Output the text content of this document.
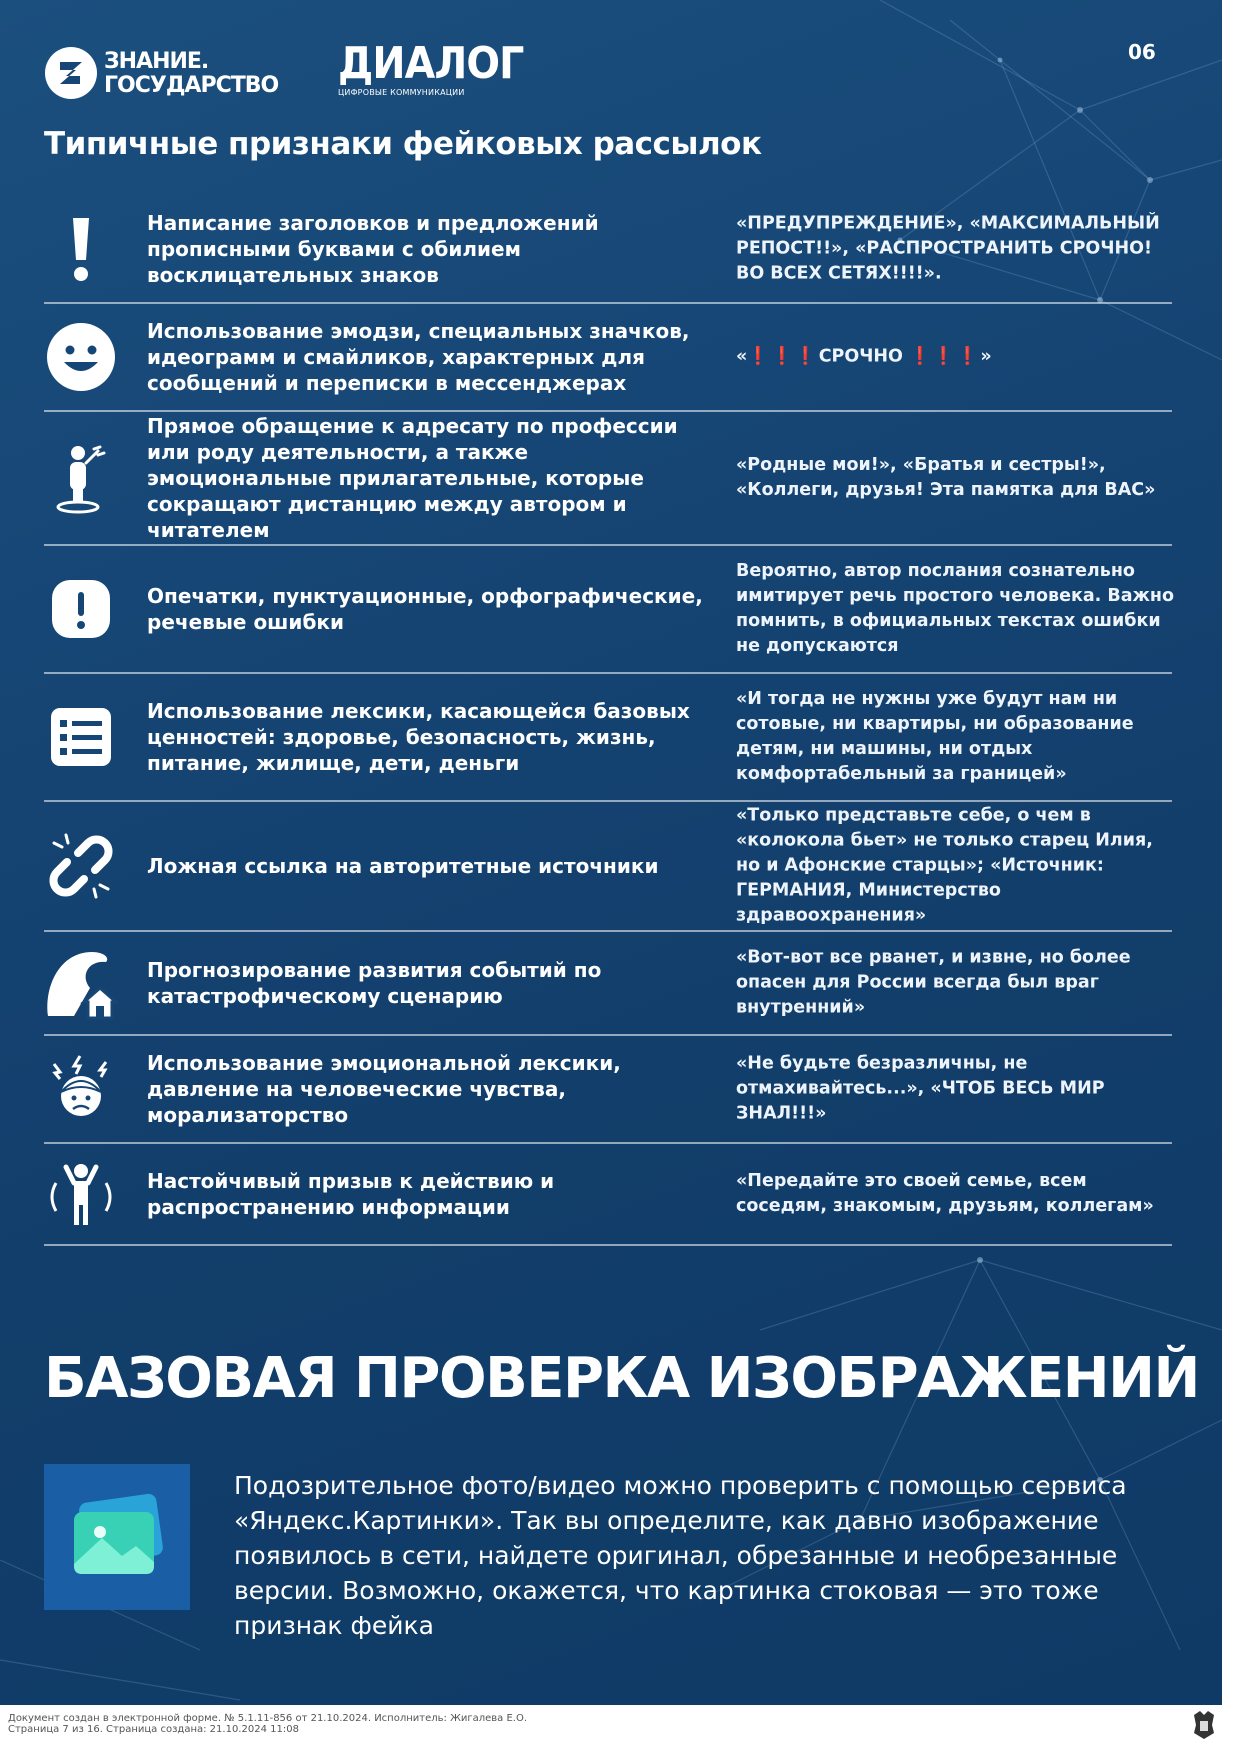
ЗНАНИЕ.
ГОСУДАРСТВО ДИАЛОГ
ЦИФРОВЫЕ КОММУНИКАЦИИ
06
Типичные признаки фейковых рассылок
Написание заголовков и предложений прописными буквами с обилием восклицательных знаков
«ПРЕДУПРЕЖДЕНИЕ», «МАКСИМАЛЬНЫЙ РЕПОСТ!!», «РАСПРОСТРАНИТЬ СРОЧНО! ВО ВСЕХ СЕТЯХ!!!!».
Использование эмодзи, специальных значков, идеограмм и смайликов, характерных для сообщений и переписки в мессенджерах
«❗❗❗СРОЧНО ❗❗❗»
Прямое обращение к адресату по профессии или роду деятельности, а также эмоциональные прилагательные, которые сокращают дистанцию между автором и читателем
«Родные мои!», «Братья и сестры!», «Коллеги, друзья! Эта памятка для ВАС»
Опечатки, пунктуационные, орфографические, речевые ошибки
Вероятно, автор послания сознательно имитирует речь простого человека. Важно помнить, в официальных текстах ошибки не допускаются
Использование лексики, касающейся базовых ценностей: здоровье, безопасность, жизнь, питание, жилище, дети, деньги
«И тогда не нужны уже будут нам ни сотовые, ни квартиры, ни образование детям, ни машины, ни отдых комфортабельный за границей»
Ложная ссылка на авторитетные источники
«Только представьте себе, о чем в «колокола бьет» не только старец Илия, но и Афонские старцы»; «Источник: ГЕРМАНИЯ, Министерство здравоохранения»
Прогнозирование развития событий по катастрофическому сценарию
«Вот-вот все рванет, и извне, но более опасен для России всегда был враг внутренний»
Использование эмоциональной лексики, давление на человеческие чувства, морализаторство
«Не будьте безразличны, не отмахивайтесь...», «ЧТОБ ВЕСЬ МИР ЗНАЛ!!!»
Настойчивый призыв к действию и распространению информации
«Передайте это своей семье, всем соседям, знакомым, друзьям, коллегам»
БАЗОВАЯ ПРОВЕРКА ИЗОБРАЖЕНИЙ
Подозрительное фото/видео можно проверить с помощью сервиса «Яндекс.Картинки». Так вы определите, как давно изображение появилось в сети, найдете оригинал, обрезанные и необрезанные версии. Возможно, окажется, что картинка стоковая — это тоже признак фейка
Документ создан в электронной форме. № 5.1.11-856 от 21.10.2024. Исполнитель: Жигалева Е.О.
Страница 7 из 16. Страница создана: 21.10.2024 11:08
